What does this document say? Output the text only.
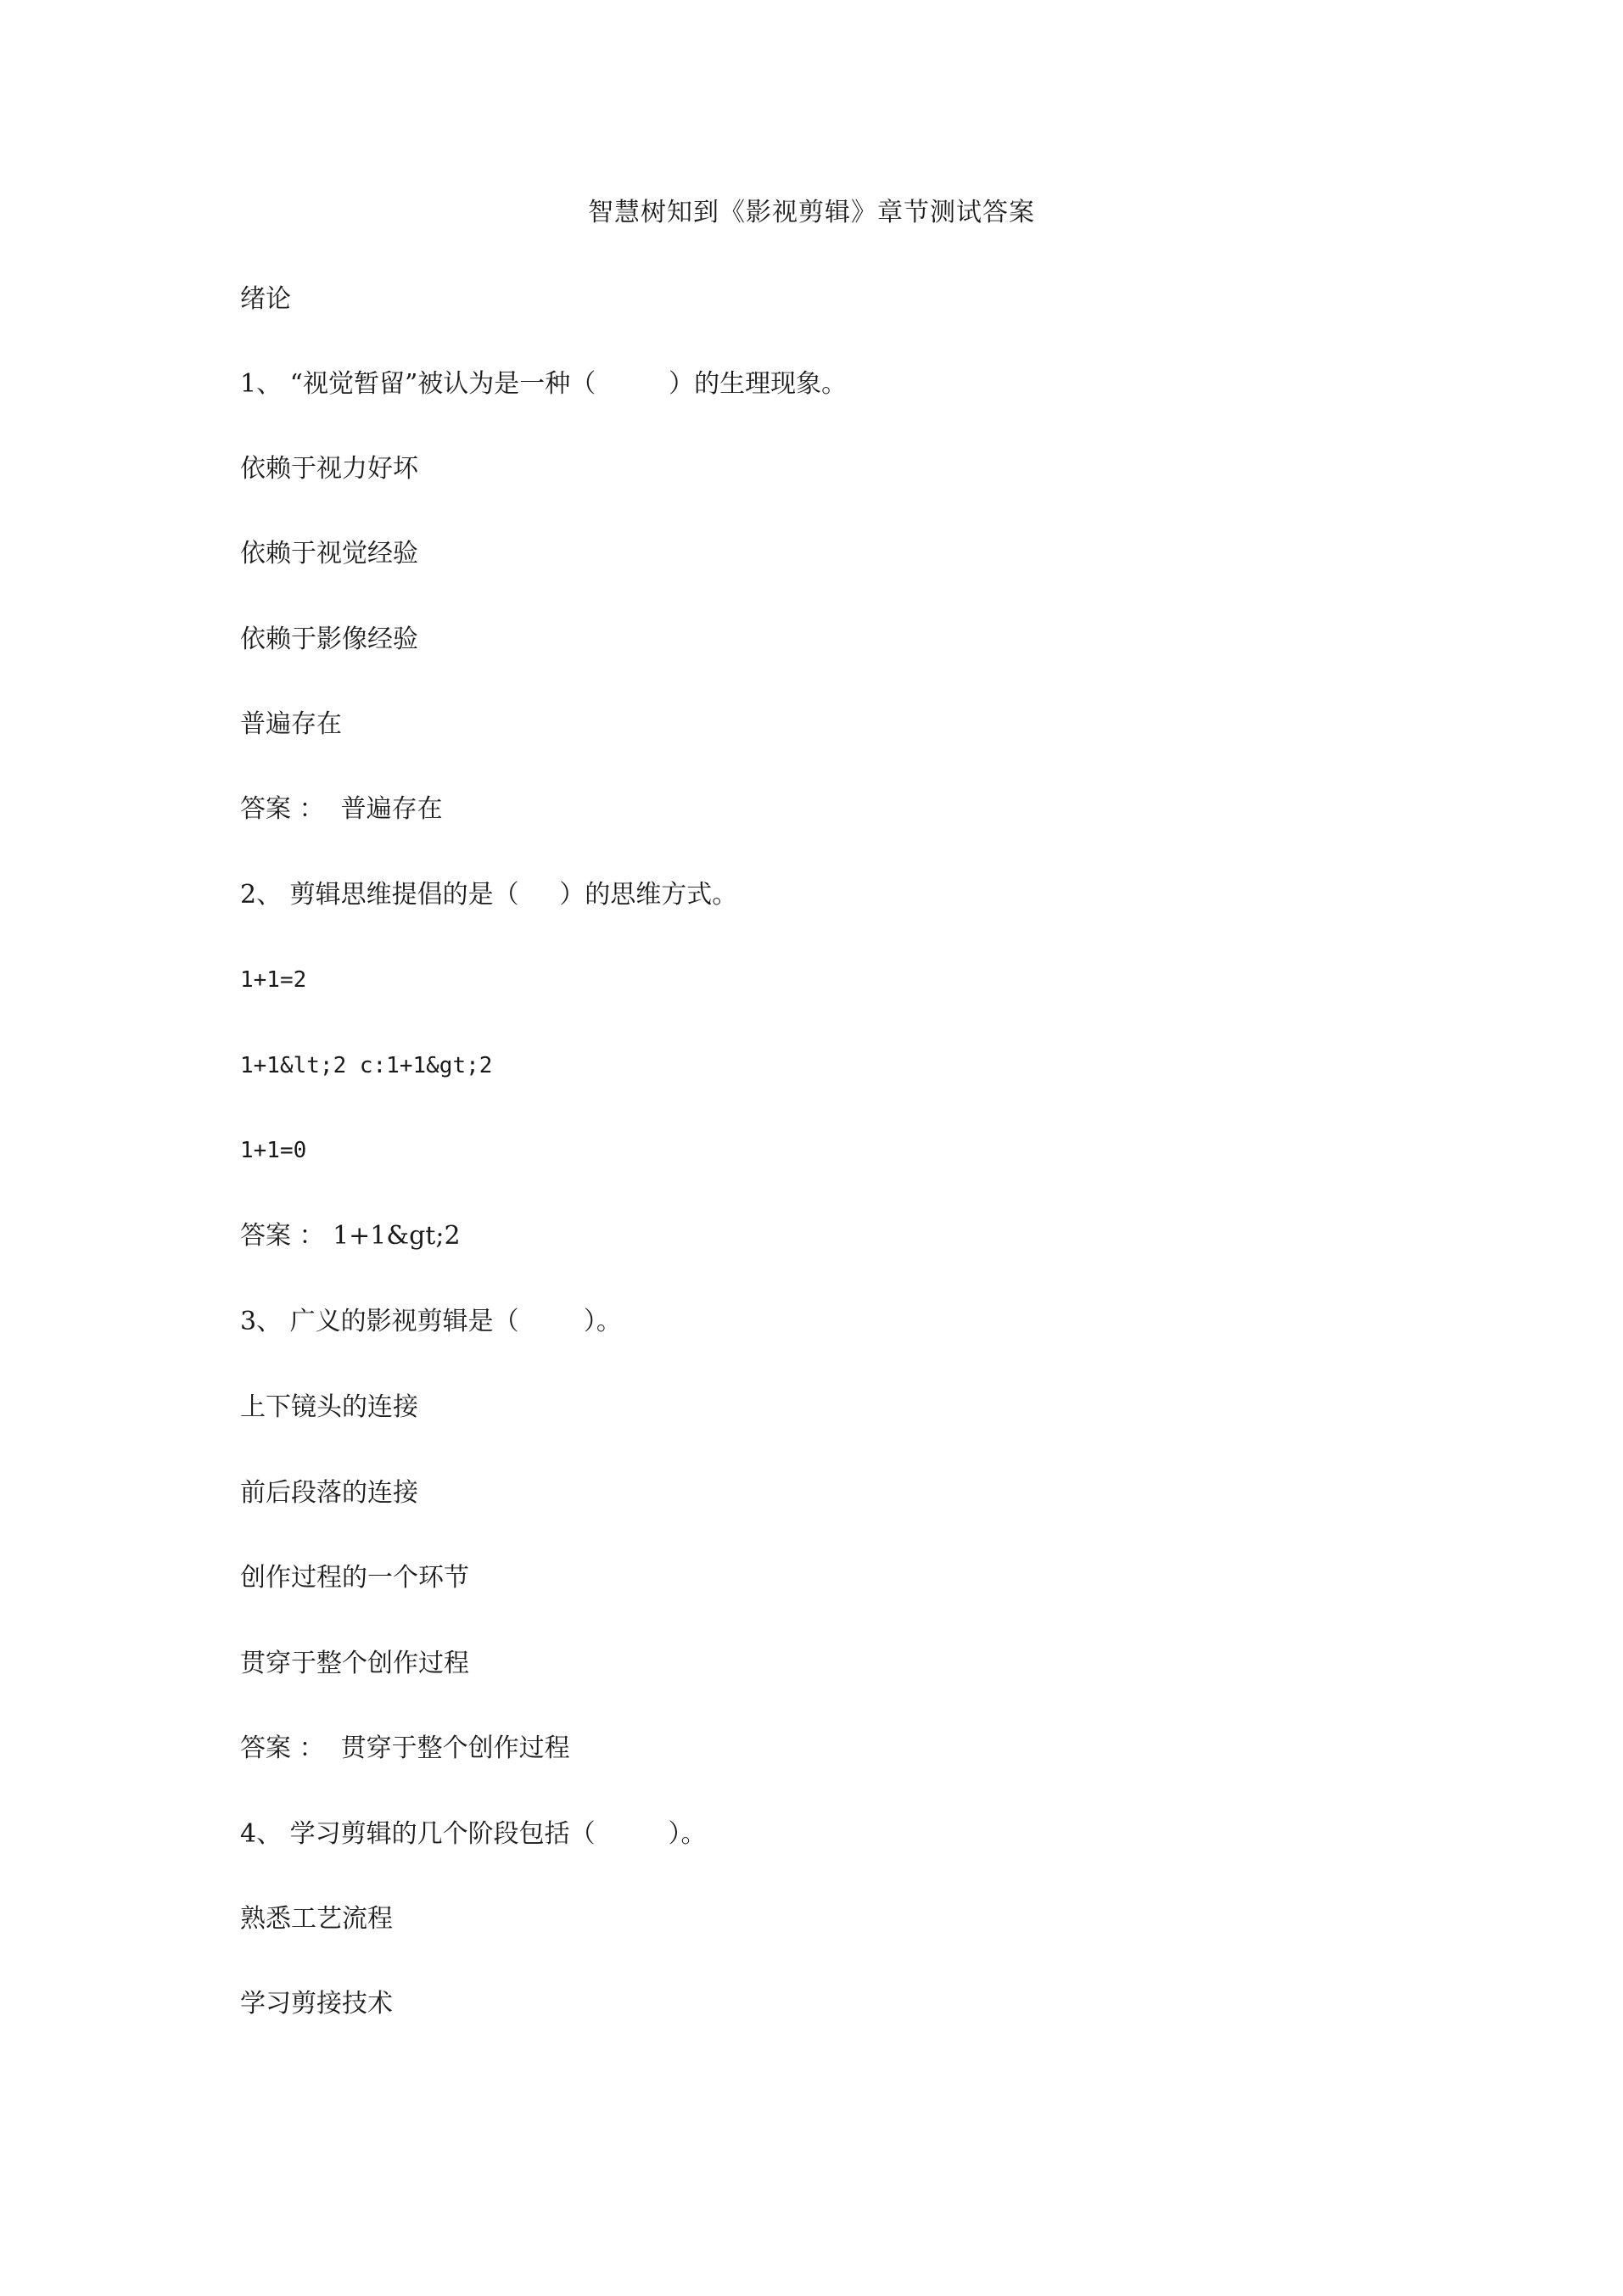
智慧树知到《影视剪辑》章节测试答案
绪论
1、 “视觉暂留”被认为是一种（         ）的生理现象。
依赖于视力好坏
依赖于视觉经验
依赖于影像经验
普遍存在
答案 ：  普遍存在
2、 剪辑思维提倡的是（     ）的思维方式。
1+1=2
1+1&lt;2 c:1+1&gt;2
1+1=0
答案 ： 1+1&gt;2
3、 广义的影视剪辑是（        ）。
上下镜头的连接
前后段落的连接
创作过程的一个环节
贯穿于整个创作过程
答案 ：  贯穿于整个创作过程
4、 学习剪辑的几个阶段包括（         ）。
熟悉工艺流程
学习剪接技术
